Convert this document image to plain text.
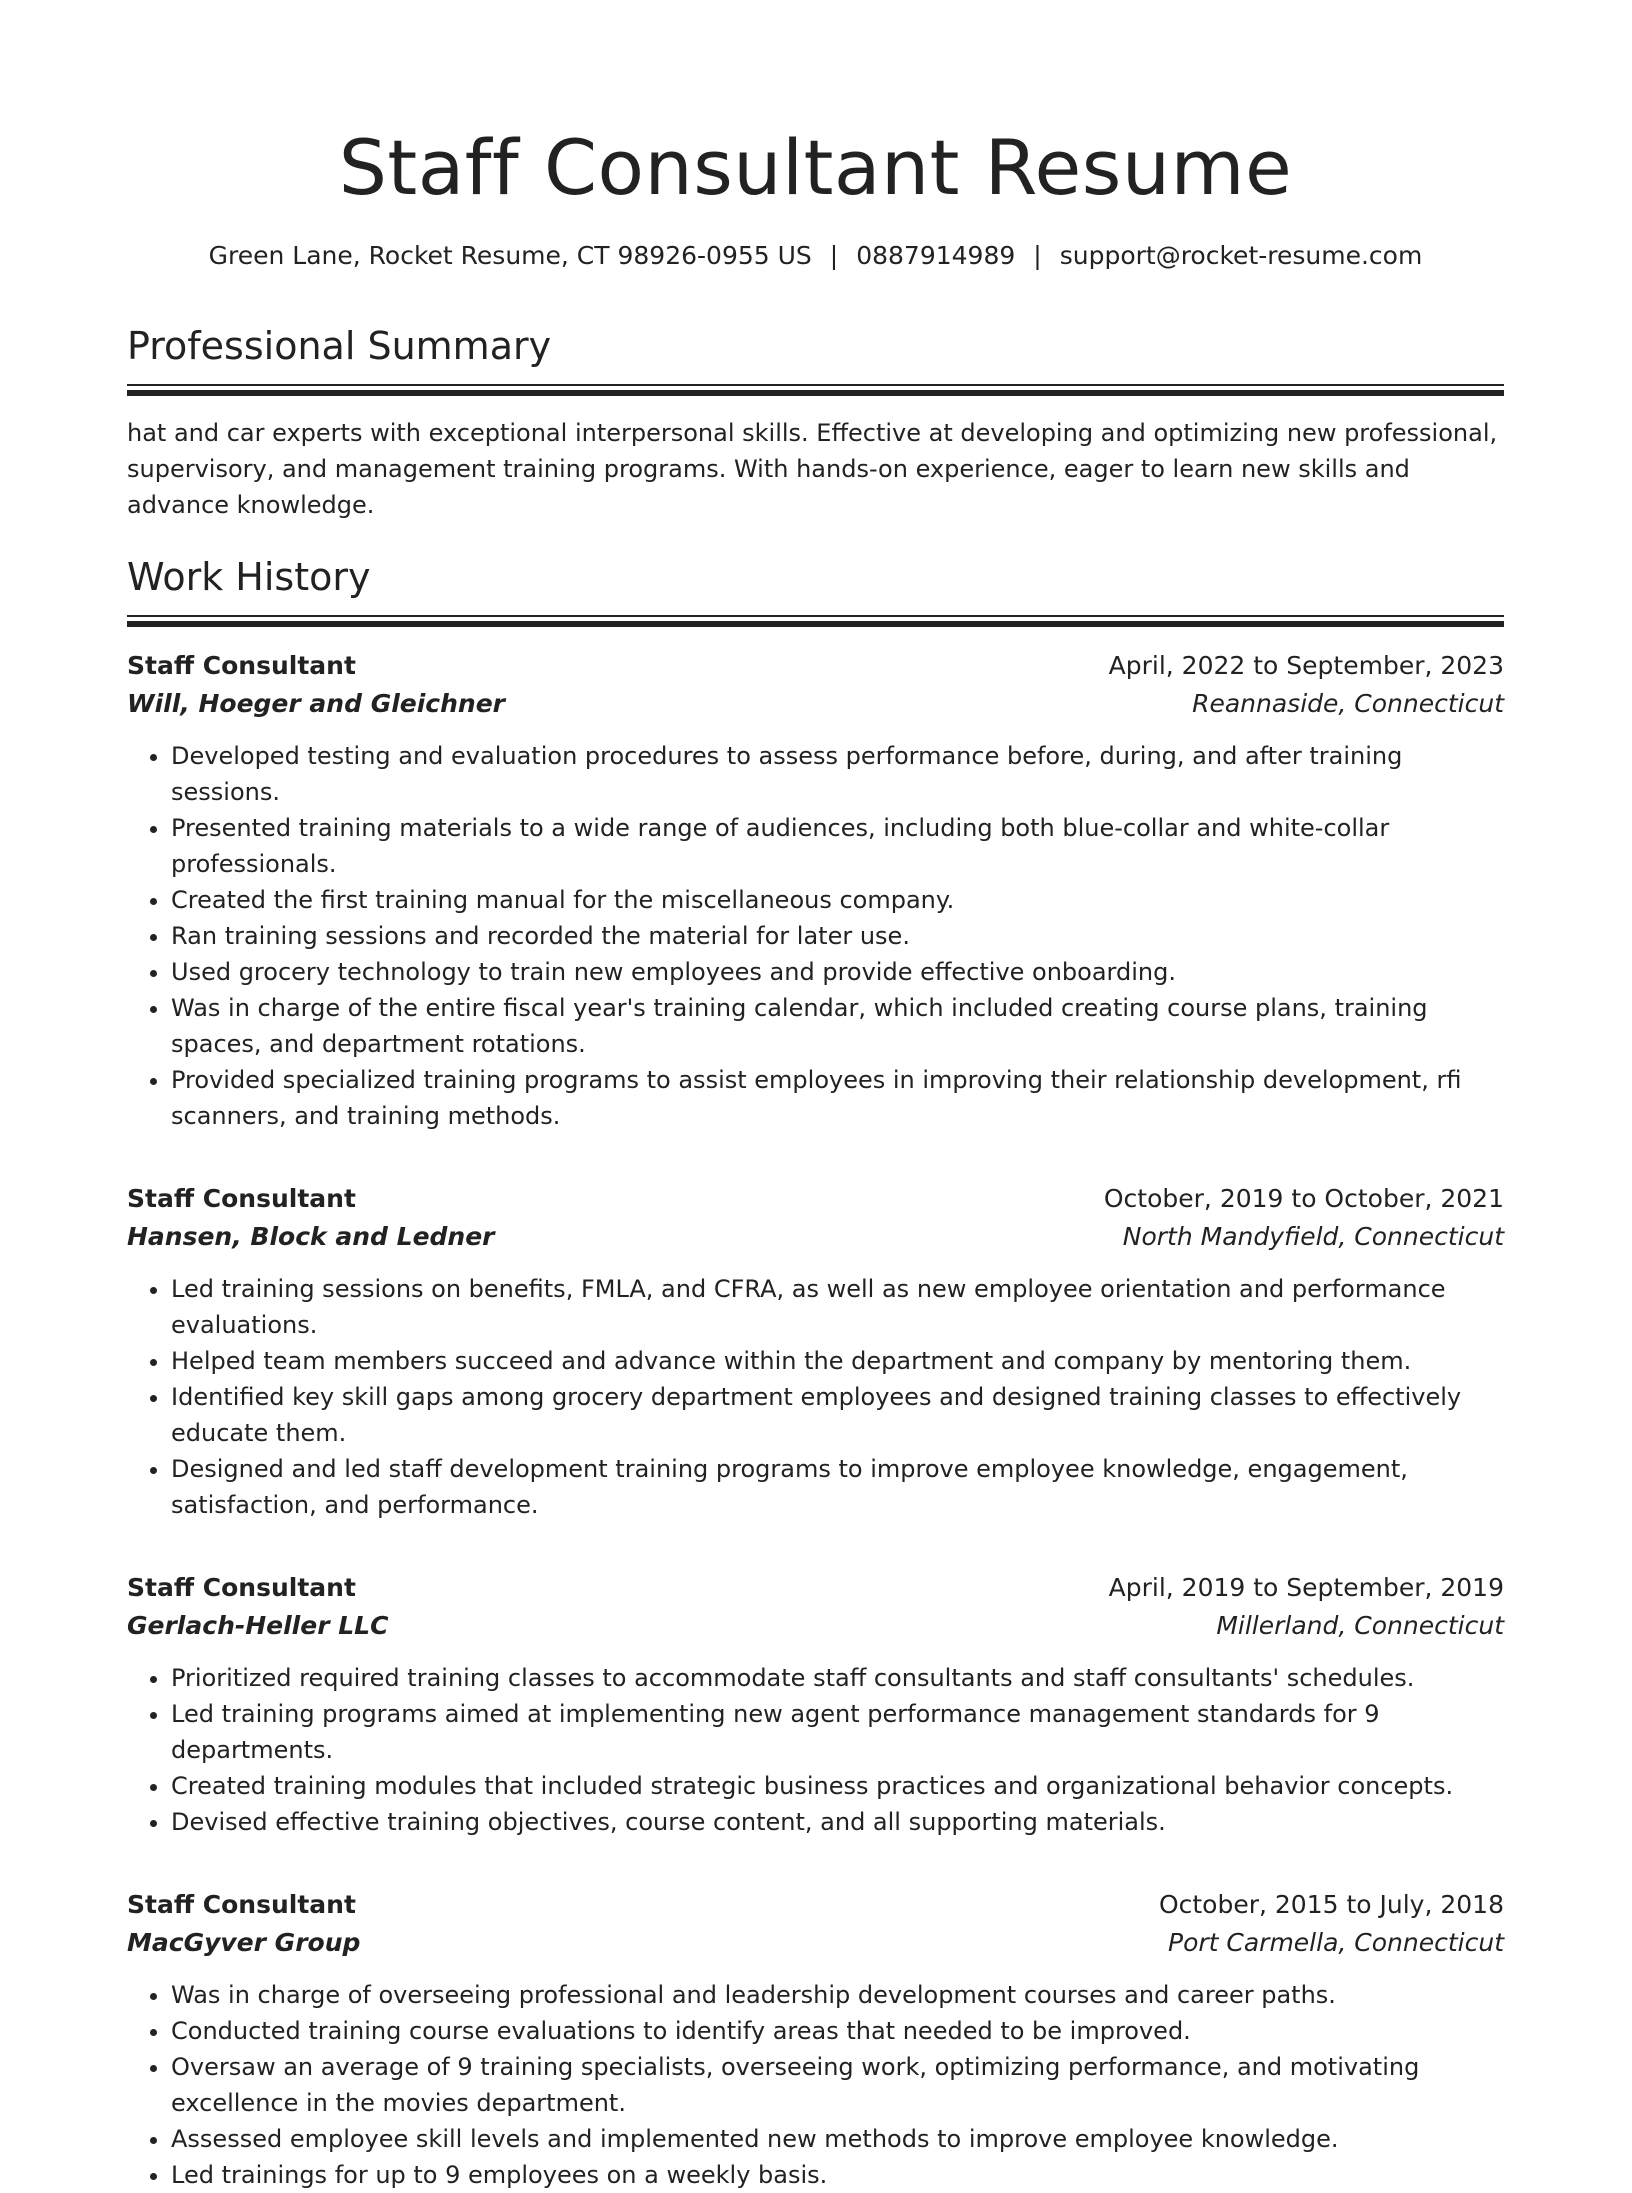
Staff Consultant Resume
Green Lane, Rocket Resume, CT 98926-0955 US | 0887914989 | support@rocket-resume.com
Professional Summary

hat and car experts with exceptional interpersonal skills. Effective at developing and optimizing new professional, supervisory, and management training programs. With hands-on experience, eager to learn new skills and advance knowledge.

Work History
Staff Consultant	April, 2022 to September, 2023
Will, Hoeger and Gleichner	Reannaside, Connecticut
• Developed testing and evaluation procedures to assess performance before, during, and after training sessions.
• Presented training materials to a wide range of audiences, including both blue-collar and white-collar professionals.
• Created the first training manual for the miscellaneous company.
• Ran training sessions and recorded the material for later use.
• Used grocery technology to train new employees and provide effective onboarding.
• Was in charge of the entire fiscal year's training calendar, which included creating course plans, training spaces, and department rotations.
• Provided specialized training programs to assist employees in improving their relationship development, rfi scanners, and training methods.
Staff Consultant	October, 2019 to October, 2021
Hansen, Block and Ledner	North Mandyfield, Connecticut
• Led training sessions on benefits, FMLA, and CFRA, as well as new employee orientation and performance evaluations.
• Helped team members succeed and advance within the department and company by mentoring them.
• Identified key skill gaps among grocery department employees and designed training classes to effectively educate them.
• Designed and led staff development training programs to improve employee knowledge, engagement, satisfaction, and performance.
Staff Consultant	April, 2019 to September, 2019
Gerlach-Heller LLC	Millerland, Connecticut
• Prioritized required training classes to accommodate staff consultants and staff consultants' schedules.
• Led training programs aimed at implementing new agent performance management standards for 9 departments.
• Created training modules that included strategic business practices and organizational behavior concepts.
• Devised effective training objectives, course content, and all supporting materials.
Staff Consultant	October, 2015 to July, 2018
MacGyver Group	Port Carmella, Connecticut
• Was in charge of overseeing professional and leadership development courses and career paths.
• Conducted training course evaluations to identify areas that needed to be improved.
• Oversaw an average of 9 training specialists, overseeing work, optimizing performance, and motivating excellence in the movies department.
• Assessed employee skill levels and implemented new methods to improve employee knowledge.
• Led trainings for up to 9 employees on a weekly basis.
